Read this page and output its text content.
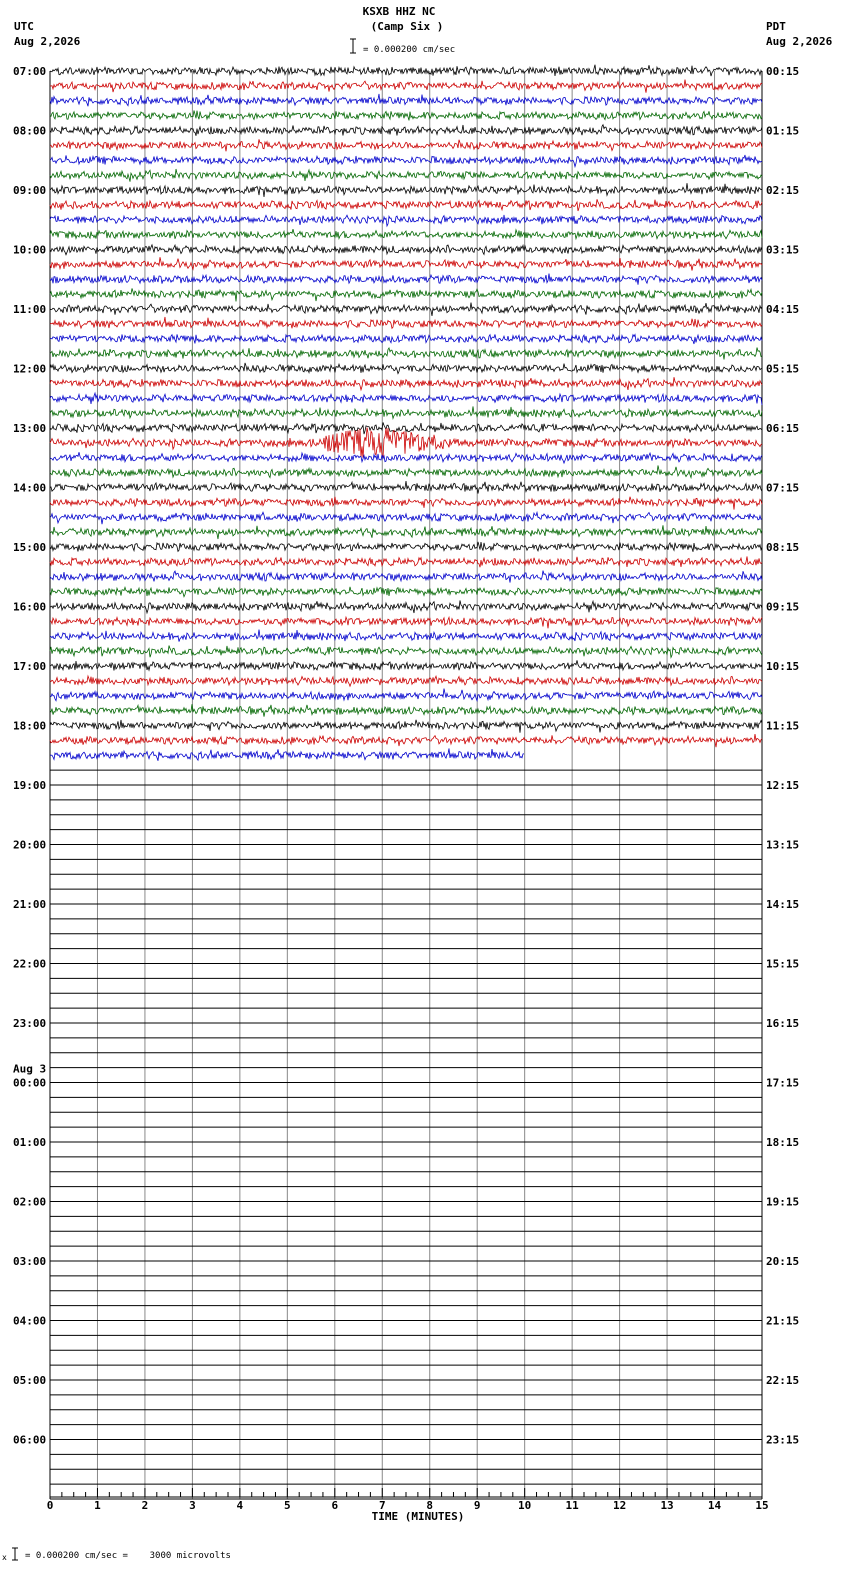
KSXB HHZ NC
(Camp Six )
UTC
Aug 2,2026
PDT
Aug 2,2026
= 0.000200 cm/sec
07:00
08:00
09:00
10:00
11:00
12:00
13:00
14:00
15:00
16:00
17:00
18:00
19:00
20:00
21:00
22:00
23:00
00:00
Aug 3
01:00
02:00
03:00
04:00
05:00
06:00
00:15
01:15
02:15
03:15
04:15
05:15
06:15
07:15
08:15
09:15
10:15
11:15
12:15
13:15
14:15
15:15
16:15
17:15
18:15
19:15
20:15
21:15
22:15
23:15
0	1	2	3	4	5	6	7	8	9	10	11	12	13	14	15
TIME (MINUTES)
x = 0.000200 cm/sec =    3000 microvolts
